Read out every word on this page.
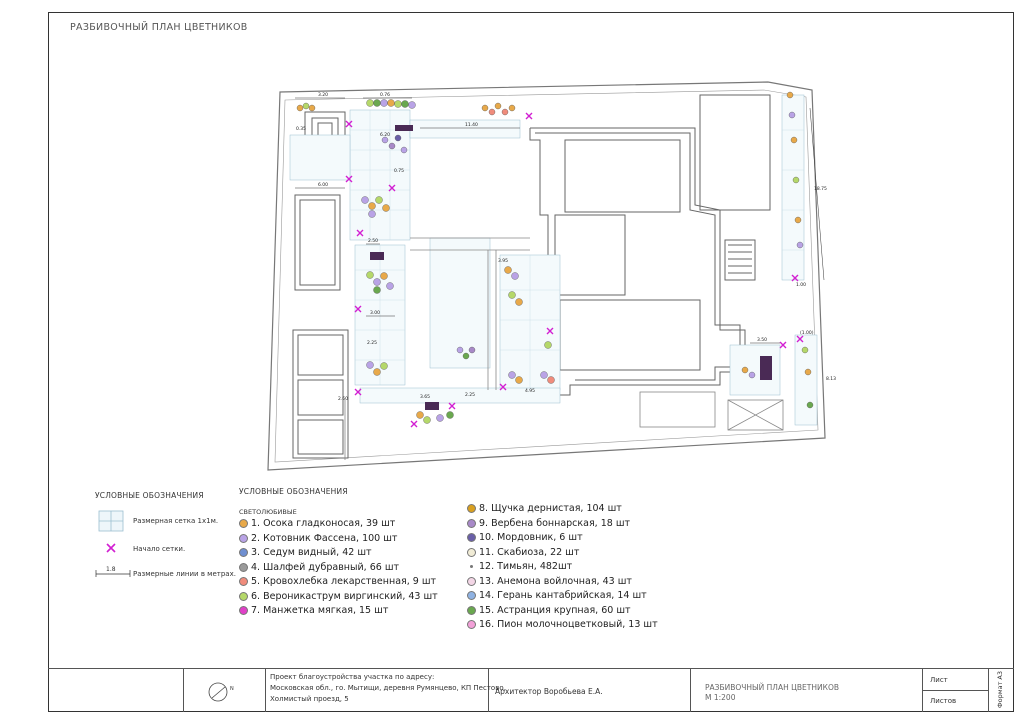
РАЗБИВОЧНЫЙ ПЛАН ЦВЕТНИКОВ
3.20	0.76
6.20
11.40
0.75
6.00
2.50
3.00
3.65
2.60
4.95
3.95
2.25
(1.00)
1.00
18.75
0.35
2.25
3.50
8.13
УСЛОВНЫЕ ОБОЗНАЧЕНИЯ
Размерная сетка 1х1м.
Начало сетки.
1.8
Размерные линии в метрах.
УСЛОВНЫЕ ОБОЗНАЧЕНИЯ
СВЕТОЛЮБИВЫЕ
1. Осока гладконосая, 39 шт
2. Котовник Фассена, 100 шт
3. Седум видный, 42 шт
4. Шалфей дубравный, 66 шт
5. Кровохлебка лекарственная, 9 шт
6. Вероникаструм виргинский, 43 шт
7. Манжетка мягкая, 15 шт
8. Щучка дернистая, 104 шт
9. Вербена боннарская, 18 шт
10. Мордовник, 6 шт
11. Скабиоза, 22 шт
12. Тимьян, 482шт
13. Анемона войлочная, 43 шт
14. Герань кантабрийская, 14 шт
15. Астранция крупная, 60 шт
16. Пион молочноцветковый, 13 шт
N
Проект благоустройства участка по адресу:
Московская обл., го. Мытищи, деревня Румянцево, КП Пестово,
Холмистый проезд, 5
Архитектор Воробьева Е.А.	РАЗБИВОЧНЫЙ ПЛАН ЦВЕТНИКОВ
М 1:200
Лист
Листов	Формат А3
